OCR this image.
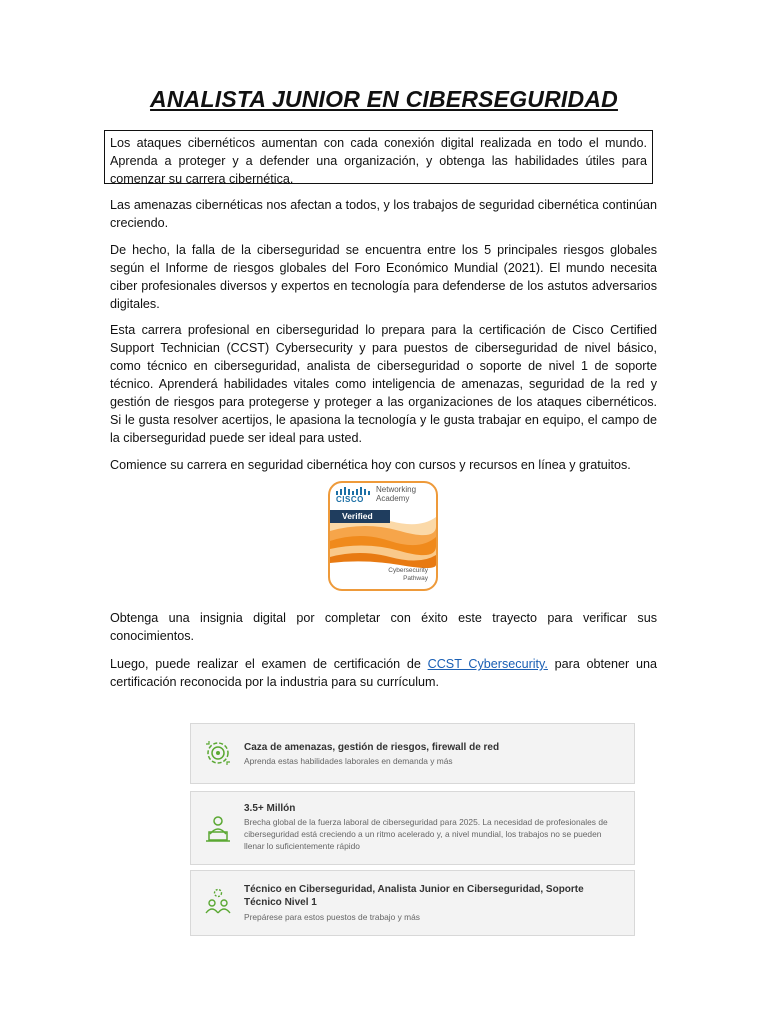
ANALISTA JUNIOR EN CIBERSEGURIDAD
Los ataques cibernéticos aumentan con cada conexión digital realizada en todo el mundo. Aprenda a proteger y a defender una organización, y obtenga las habilidades útiles para comenzar su carrera cibernética.

Las amenazas cibernéticas nos afectan a todos, y los trabajos de seguridad cibernética continúan creciendo.

De hecho, la falla de la ciberseguridad se encuentra entre los 5 principales riesgos globales según el Informe de riesgos globales del Foro Económico Mundial (2021). El mundo necesita ciber profesionales diversos y expertos en tecnología para defenderse de los astutos adversarios digitales.

Esta carrera profesional en ciberseguridad lo prepara para la certificación de Cisco Certified Support Technician (CCST) Cybersecurity y para puestos de ciberseguridad de nivel básico, como técnico en ciberseguridad, analista de ciberseguridad o soporte de nivel 1 de soporte técnico. Aprenderá habilidades vitales como inteligencia de amenazas, seguridad de la red y gestión de riesgos para protegerse y proteger a las organizaciones de los ataques cibernéticos. Si le gusta resolver acertijos, le apasiona la tecnología y le gusta trabajar en equipo, el campo de la ciberseguridad puede ser ideal para usted.

Comience su carrera en seguridad cibernética hoy con cursos y recursos en línea y gratuitos.

CISCO
Networking
Academy
Verified
Cybersecurity
Pathway

Obtenga una insignia digital por completar con éxito este trayecto para verificar sus conocimientos.

Luego, puede realizar el examen de certificación de CCST Cybersecurity. para obtener una certificación reconocida por la industria para su currículum.

Caza de amenazas, gestión de riesgos, firewall de red
Aprenda estas habilidades laborales en demanda y más
3.5+ Millón
Brecha global de la fuerza laboral de ciberseguridad para 2025. La necesidad de profesionales de ciberseguridad está creciendo a un ritmo acelerado y, a nivel mundial, los trabajos no se pueden llenar lo suficientemente rápido
Técnico en Ciberseguridad, Analista Junior en Ciberseguridad, Soporte Técnico Nivel 1
Prepárese para estos puestos de trabajo y más
